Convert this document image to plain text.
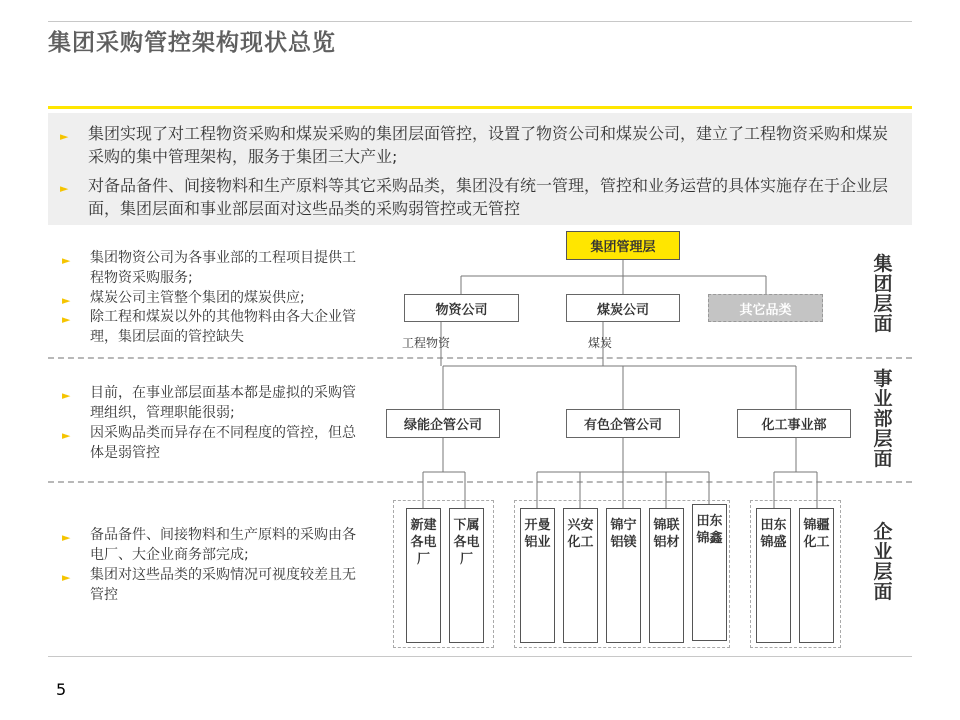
集团采购管控架构现状总览
► 集团实现了对工程物资采购和煤炭采购的集团层面管控，设置了物资公司和煤炭公司，建立了工程物资采购和煤炭采购的集中管理架构，服务于集团三大产业;
► 对备品备件、间接物料和生产原料等其它采购品类，集团没有统一管理，管控和业务运营的具体实施存在于企业层面，集团层面和事业部层面对这些品类的采购弱管控或无管控
► 集团物资公司为各事业部的工程项目提供工程物资采购服务;
► 煤炭公司主管整个集团的煤炭供应;
► 除工程和煤炭以外的其他物料由各大企业管理，集团层面的管控缺失
► 目前，在事业部层面基本都是虚拟的采购管理组织，管理职能很弱;
► 因采购品类而异存在不同程度的管控，但总体是弱管控
► 备品备件、间接物料和生产原料的采购由各电厂、大企业商务部完成;
► 集团对这些品类的采购情况可视度较差且无管控
集团管理层
物资公司	煤炭公司	其它品类
工程物资	煤炭
绿能企管公司	有色企管公司	化工事业部
新建各电厂
下属各电厂
开曼铝业
兴安化工
锦宁铝镁
锦联铝材
田东锦鑫
田东锦盛
锦疆化工
集团层面
事业部层面
企业层面
5
